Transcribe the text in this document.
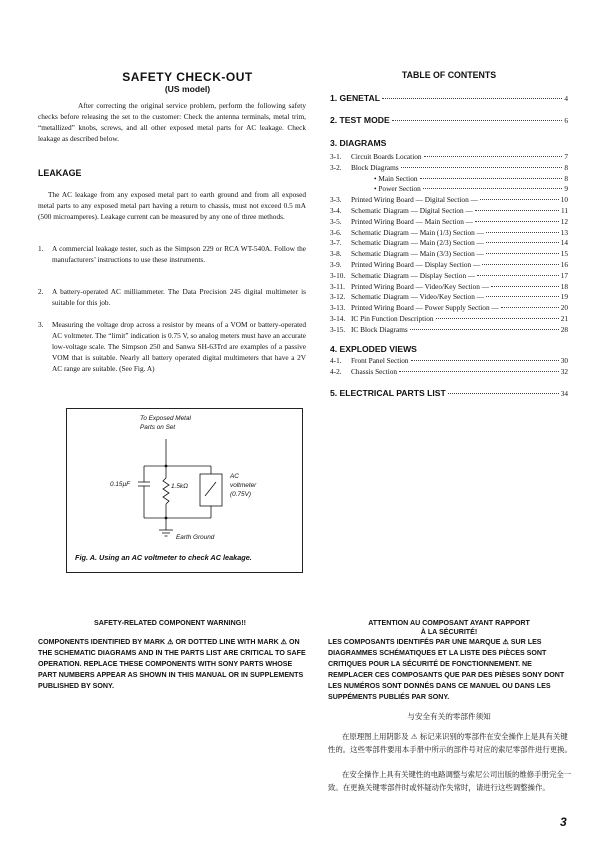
SAFETY CHECK-OUT
(US model)

After correcting the original service problem, perform the following safety checks before releasing the set to the customer: Check the antenna terminals, metal trim, “metallized” knobs, screws, and all other exposed metal parts for AC leakage. Check leakage as described below.

LEAKAGE

The AC leakage from any exposed metal part to earth ground and from all exposed metal parts to any exposed metal part having a return to chassis, must not exceed 0.5 mA (500 microamperes). Leakage current can be measured by any one of three methods.

1. A commercial leakage tester, such as the Simpson 229 or RCA WT-540A. Follow the manufacturers’ instructions to use these instruments.
2. A battery-operated AC milliammeter. The Data Precision 245 digital multimeter is suitable for this job.
3. Measuring the voltage drop across a resistor by means of a VOM or battery-operated AC voltmeter. The “limit” indication is 0.75 V, so analog meters must have an accurate low-voltage scale. The Simpson 250 and Sanwa SH-63Trd are examples of a passive VOM that is suitable. Nearly all battery operated digital multimeters that have a 2V AC range are suitable. (See Fig. A)
To Exposed Metal
Parts on Set
0.15µF	1.5kΩ
AC
voltmeter
(0.75V)
Earth Ground
Fig. A. Using an AC voltmeter to check AC leakage.
TABLE OF CONTENTS
1. GENETAL	4
2. TEST MODE	6
3. DIAGRAMS
3-1.	Circuit Boards Location	7
3-2.	Block Diagrams	8
• Main Section	8
• Power Section	9
3-3.	Printed Wiring Board — Digital Section —	10
3-4.	Schematic Diagram — Digital Section —	11
3-5.	Printed Wiring Board — Main Section —	12
3-6.	Schematic Diagram — Main (1/3) Section —	13
3-7.	Schematic Diagram — Main (2/3) Section —	14
3-8.	Schematic Diagram — Main (3/3) Section —	15
3-9.	Printed Wiring Board — Display Section —	16
3-10. Schematic Diagram — Display Section —	17
3-11. Printed Wiring Board — Video/Key Section —	18
3-12. Schematic Diagram — Video/Key Section —	19
3-13. Printed Wiring Board — Power Supply Section —	20
3-14. IC Pin Function Description	21
3-15. IC Block Diagrams	28
4. EXPLODED VIEWS
4-1.	Front Panel Section	30
4-2.	Chassis Section	32
5. ELECTRICAL PARTS LIST	34
SAFETY-RELATED COMPONENT WARNING!!

COMPONENTS IDENTIFIED BY MARK ⚠ OR DOTTED LINE WITH MARK ⚠ ON THE SCHEMATIC DIAGRAMS AND IN THE PARTS LIST ARE CRITICAL TO SAFE OPERATION. REPLACE THESE COMPONENTS WITH SONY PARTS WHOSE PART NUMBERS APPEAR AS SHOWN IN THIS MANUAL OR IN SUPPLEMENTS PUBLISHED BY SONY.

ATTENTION AU COMPOSANT AYANT RAPPORT
À LA SÉCURITÉ!

LES COMPOSANTS IDENTIFÉS PAR UNE MARQUE ⚠ SUR LES DIAGRAMMES SCHÉMATIQUES ET LA LISTE DES PIÈCES SONT CRITIQUES POUR LA SÉCURITÉ DE FONCTIONNEMENT. NE REMPLACER CES COMPOSANTS QUE PAR DES PIÈSES SONY DONT LES NUMÉROS SONT DONNÉS DANS CE MANUEL OU DANS LES SUPPÉMENTS PUBLIÉS PAR SONY.

与安全有关的零部件须知

在原理图上用阴影及 ⚠ 标记来识别的零部件在安全操作上是具有关键性的。这些零部件要用本手册中所示的部件号对应的索尼零部件进行更换。

在安全操作上具有关键性的电路调整与索尼公司出版的维修手册完全一致。在更换关键零部件时或怀疑动作失常时，请进行这些调整操作。

3
